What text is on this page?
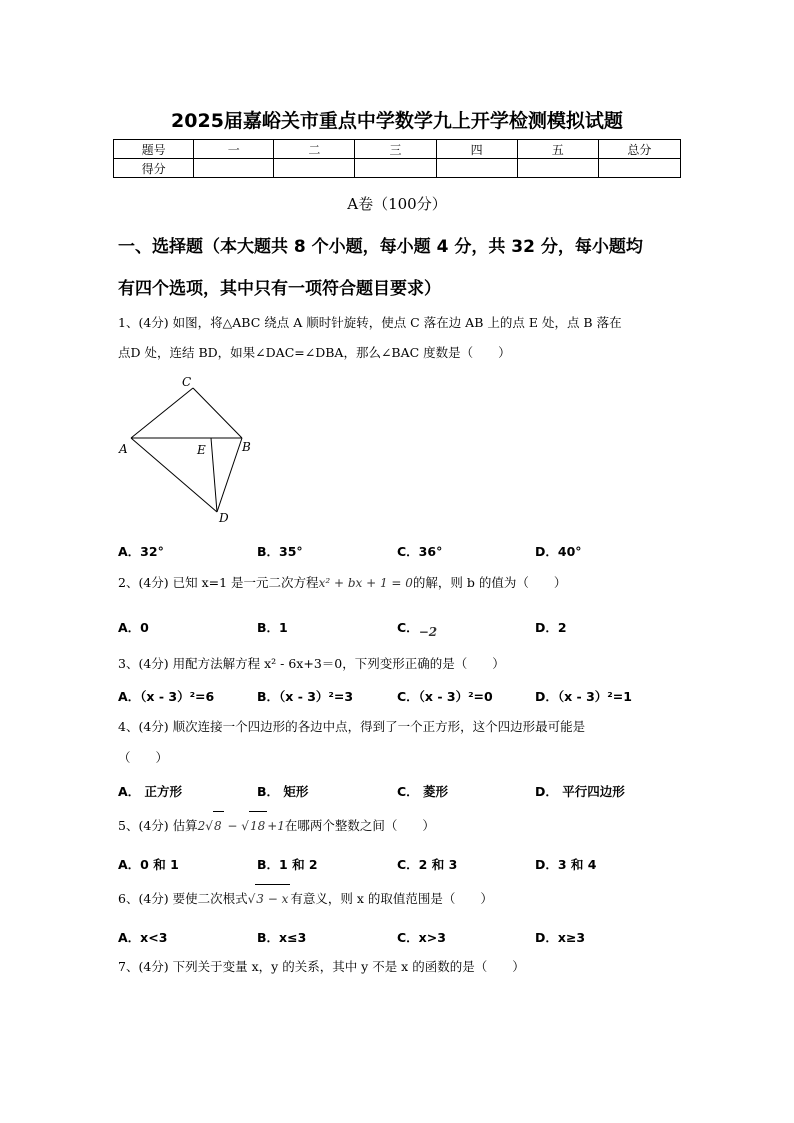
2025届嘉峪关市重点中学数学九上开学检测模拟试题
题号	一	二	三	四	五	总分
得分						
A卷（100分）
一、选择题（本大题共 8 个小题，每小题 4 分，共 32 分，每小题均
有四个选项，其中只有一项符合题目要求）
1、(4分) 如图，将△ABC 绕点 A 顺时针旋转，使点 C 落在边 AB 上的点 E 处，点 B 落在
点D 处，连结 BD，如果∠DAC=∠DBA，那么∠BAC 度数是（　　）
C
A	E	B
D
A．32°	B．35°	C．36°	D．40°
2、(4分) 已知 x=1 是一元二次方程x² + bx + 1 = 0的解，则 b 的值为（　　）
A．0	B．1	C．−2	D．2
3、(4分) 用配方法解方程 x² - 6x+3＝0，下列变形正确的是（　　）
A．（x - 3）²=6	B．（x - 3）²=3	C．（x - 3）²=0	D．（x - 3）²=1
4、(4分) 顺次连接一个四边形的各边中点，得到了一个正方形，这个四边形最可能是
（　　）
A． 正方形	B． 矩形	C． 菱形	D． 平行四边形
5、(4分) 估算2√8 − √18 +1在哪两个整数之间（　　）
A．0 和 1	B．1 和 2	C．2 和 3	D．3 和 4
6、(4分) 要使二次根式√3 − x 有意义，则 x 的取值范围是（　　）
A．x<3	B．x≤3	C．x>3	D．x≥3
7、(4分) 下列关于变量 x，y 的关系，其中 y 不是 x 的函数的是（　　）
